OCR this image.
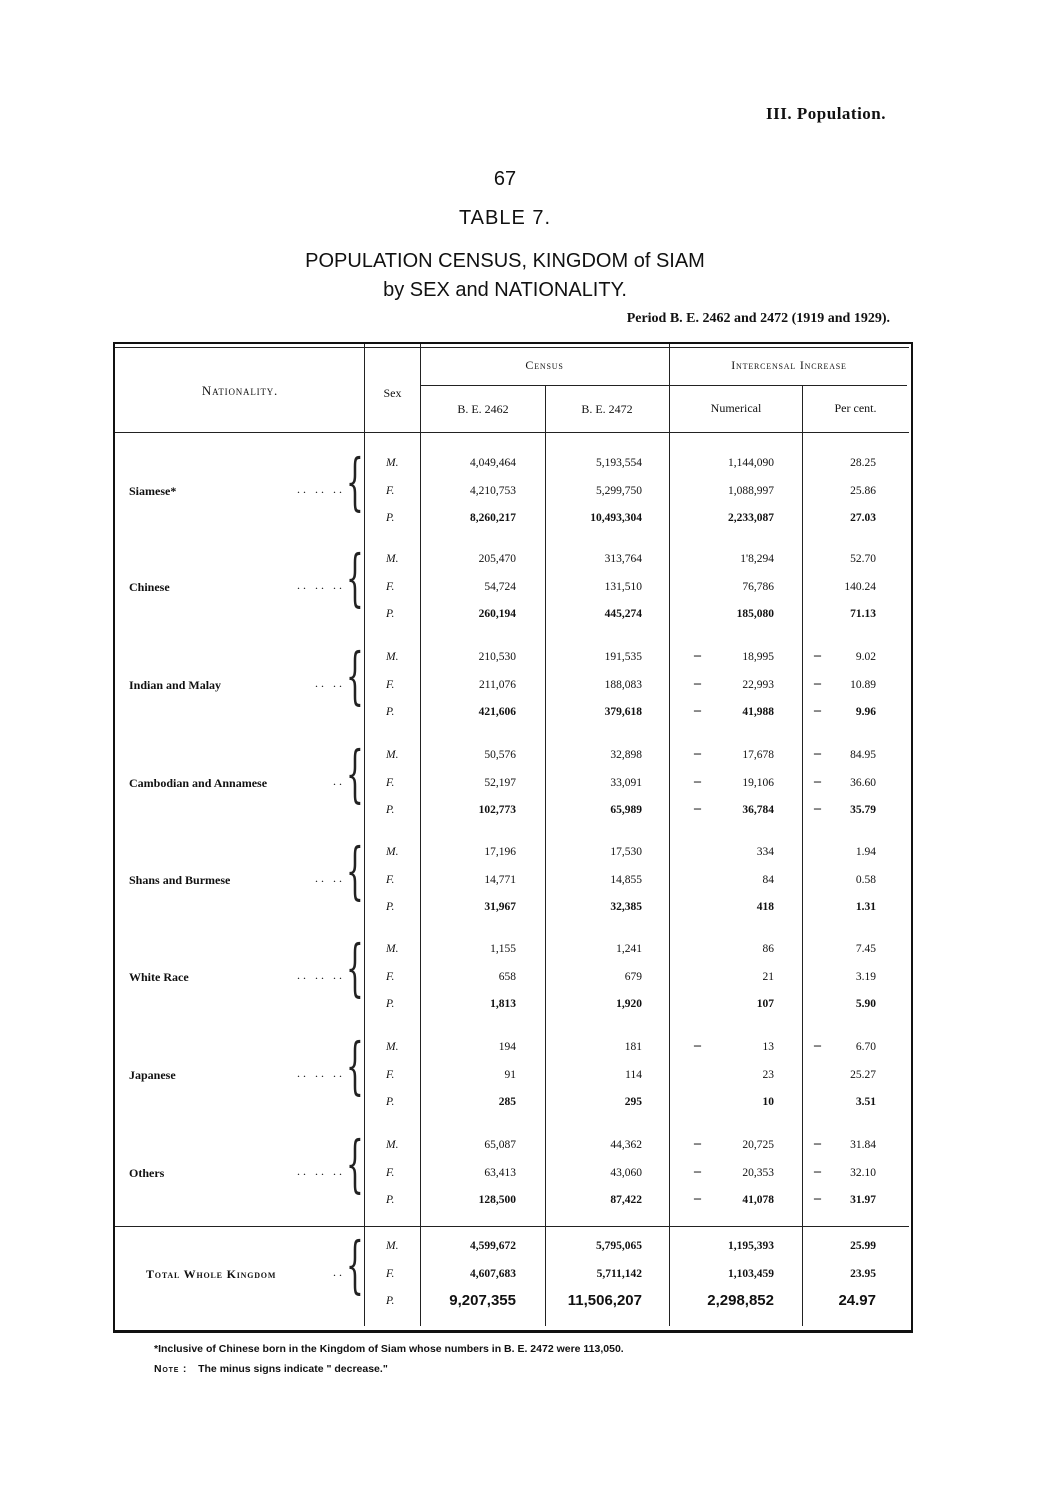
III. Population.
67
TABLE 7.
POPULATION CENSUS, KINGDOM of SIAM
by SEX and NATIONALITY.
Period B. E. 2462 and 2472 (1919 and 1929).
Nationality.	Sex
Census
B. E. 2462	B. E. 2472
Intercensal Increase
Numerical	Per cent.
Siamese*	.. .. .. { M.	4,049,464	5,193,554	1,144,090	28.25
F.	4,210,753	5,299,750	1,088,997	25.86
P.	8,260,217	10,493,304	2,233,087	27.03
Chinese	.. .. .. { M.	205,470	313,764	1'8,294	52.70
F.	54,724	131,510	76,786	140.24
P.	260,194	445,274	185,080	71.13
Indian and Malay	.. .. { M.	210,530	191,535	–	18,995	–	9.02
F.	211,076	188,083	–	22,993	–	10.89
P.	421,606	379,618	–	41,988	–	9.96
Cambodian and Annamese	.. { M.	50,576	32,898	–	17,678	–	84.95
F.	52,197	33,091	–	19,106	–	36.60
P.	102,773	65,989	–	36,784	–	35.79
Shans and Burmese	.. .. { M.	17,196	17,530	334	1.94
F.	14,771	14,855	84	0.58
P.	31,967	32,385	418	1.31
White Race	.. .. .. { M.	1,155	1,241	86	7.45
F.	658	679	21	3.19
P.	1,813	1,920	107	5.90
Japanese	.. .. .. { M.	194	181	–	13	–	6.70
F.	91	114	23	25.27
P.	285	295	10	3.51
Others	.. .. .. { M.	65,087	44,362	–	20,725	–	31.84
F.	63,413	43,060	–	20,353	–	32.10
P.	128,500	87,422	–	41,078	–	31.97
Total Whole Kingdom	.. { M.	4,599,672	5,795,065	1,195,393	25.99
F.	4,607,683	5,711,142	1,103,459	23.95
P.	9,207,355	11,506,207	2,298,852	24.97
*Inclusive of Chinese born in the Kingdom of Siam whose numbers in B. E. 2472 were 113,050.
Note : The minus signs indicate " decrease."
